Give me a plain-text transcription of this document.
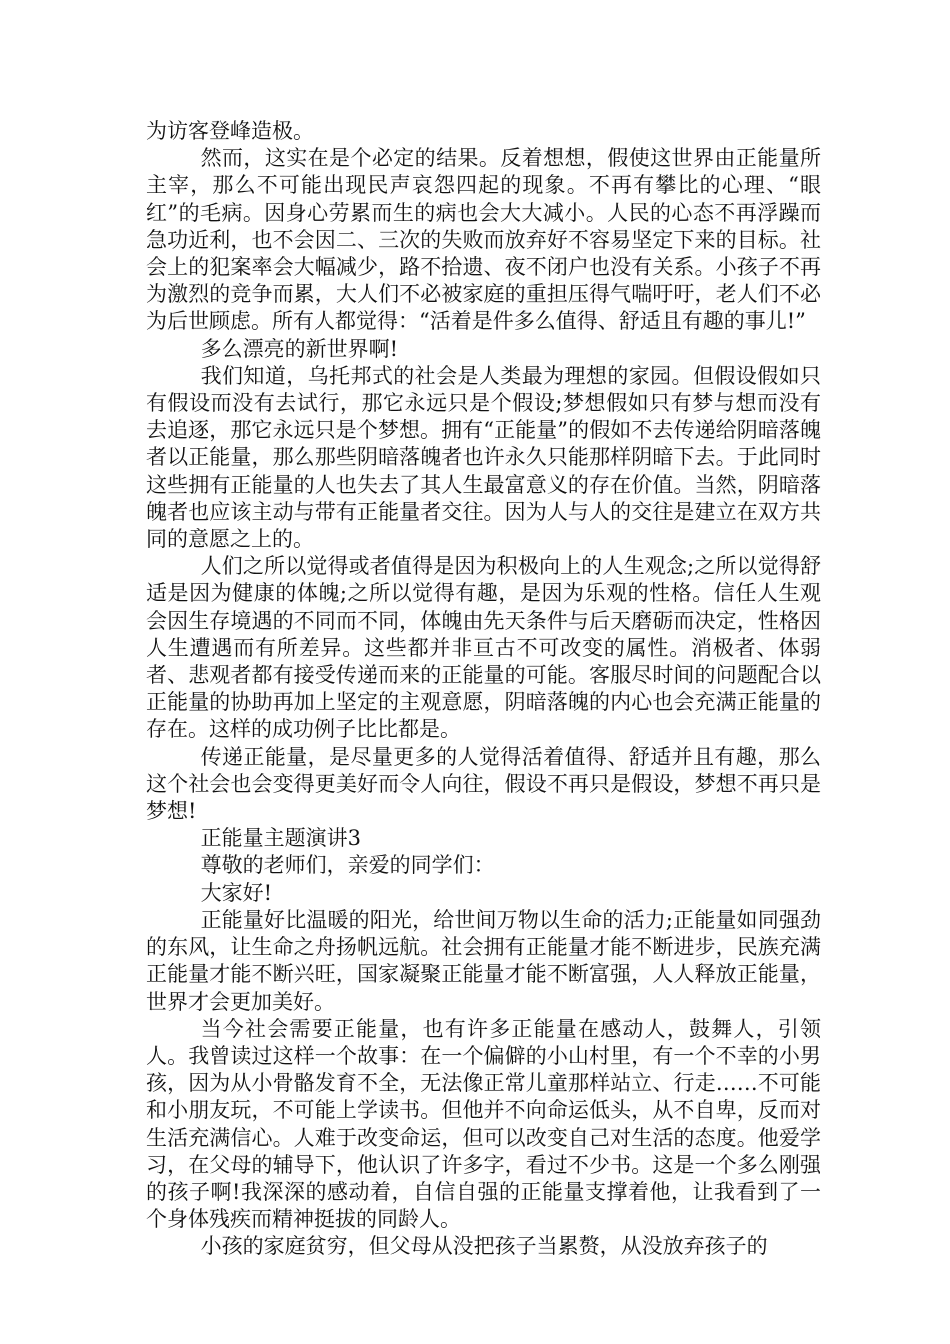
为访客登峰造极。

然而，这实在是个必定的结果。反着想想，假使这世界由正能量所主宰，那么不可能出现民声哀怨四起的现象。不再有攀比的心理、“眼红”的毛病。因身心劳累而生的病也会大大减小。人民的心态不再浮躁而急功近利，也不会因二、三次的失败而放弃好不容易坚定下来的目标。社会上的犯案率会大幅减少，路不拾遗、夜不闭户也没有关系。小孩子不再为激烈的竞争而累，大人们不必被家庭的重担压得气喘吁吁，老人们不必为后世顾虑。所有人都觉得：“活着是件多么值得、舒适且有趣的事儿!”

多么漂亮的新世界啊!

我们知道，乌托邦式的社会是人类最为理想的家园。但假设假如只有假设而没有去试行，那它永远只是个假设;梦想假如只有梦与想而没有去追逐，那它永远只是个梦想。拥有“正能量”的假如不去传递给阴暗落魄者以正能量，那么那些阴暗落魄者也许永久只能那样阴暗下去。于此同时这些拥有正能量的人也失去了其人生最富意义的存在价值。当然，阴暗落魄者也应该主动与带有正能量者交往。因为人与人的交往是建立在双方共同的意愿之上的。

人们之所以觉得或者值得是因为积极向上的人生观念;之所以觉得舒适是因为健康的体魄;之所以觉得有趣，是因为乐观的性格。信任人生观会因生存境遇的不同而不同，体魄由先天条件与后天磨砺而决定，性格因人生遭遇而有所差异。这些都并非亘古不可改变的属性。消极者、体弱者、悲观者都有接受传递而来的正能量的可能。客服尽时间的问题配合以正能量的协助再加上坚定的主观意愿，阴暗落魄的内心也会充满正能量的存在。这样的成功例子比比都是。

传递正能量，是尽量更多的人觉得活着值得、舒适并且有趣，那么这个社会也会变得更美好而令人向往，假设不再只是假设，梦想不再只是梦想!

正能量主题演讲3

尊敬的老师们，亲爱的同学们：

大家好!

正能量好比温暖的阳光，给世间万物以生命的活力;正能量如同强劲的东风，让生命之舟扬帆远航。社会拥有正能量才能不断进步，民族充满正能量才能不断兴旺，国家凝聚正能量才能不断富强，人人释放正能量，世界才会更加美好。

当今社会需要正能量，也有许多正能量在感动人，鼓舞人，引领人。我曾读过这样一个故事：在一个偏僻的小山村里，有一个不幸的小男孩，因为从小骨骼发育不全，无法像正常儿童那样站立、行走……不可能和小朋友玩，不可能上学读书。但他并不向命运低头，从不自卑，反而对生活充满信心。人难于改变命运，但可以改变自己对生活的态度。他爱学习，在父母的辅导下，他认识了许多字，看过不少书。这是一个多么刚强的孩子啊!我深深的感动着，自信自强的正能量支撑着他，让我看到了一个身体残疾而精神挺拔的同龄人。

小孩的家庭贫穷，但父母从没把孩子当累赘，从没放弃孩子的
